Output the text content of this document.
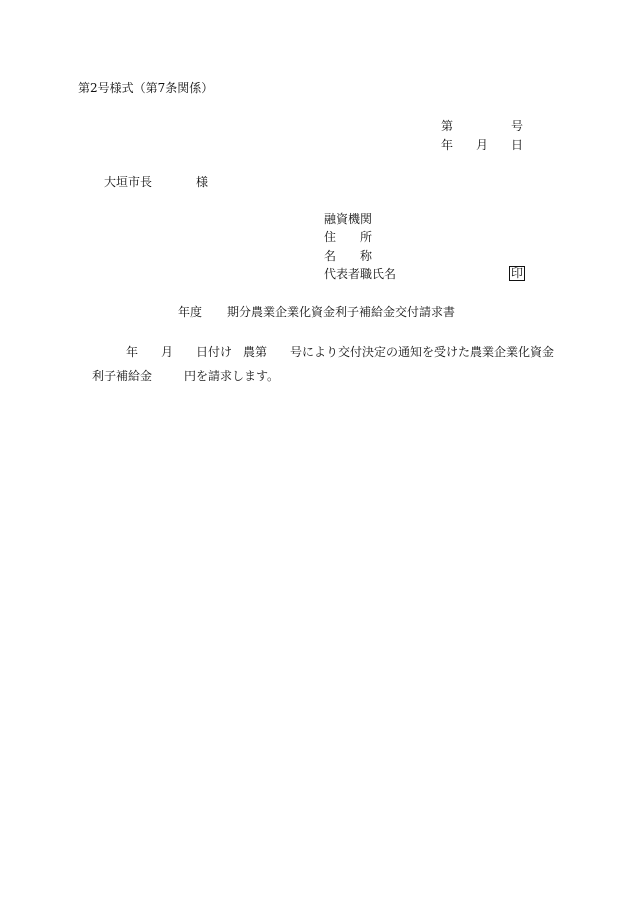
第2号様式（第7条関係）
第	号
年 月 日
大垣市長	様
融資機関
住　　所
名　　称
代表者職氏名	印
年度 期分農業企業化資金利子補給金交付請求書
年 月 日付け 農第 号により交付決定の通知を受けた農業企業化資金
利子補給金	円を請求します。
